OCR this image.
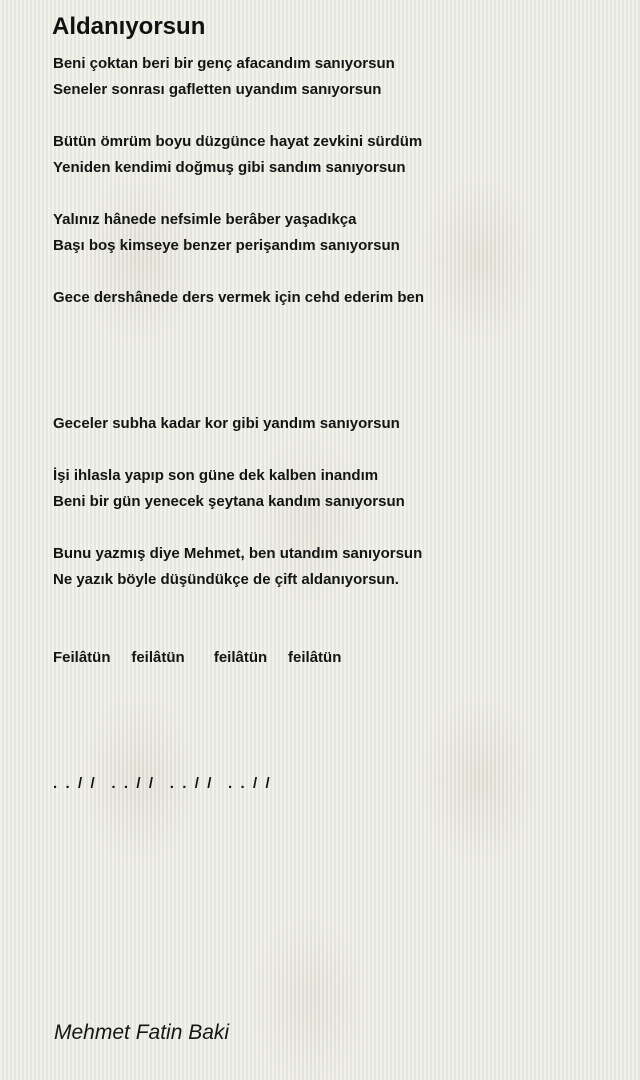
Aldanıyorsun
Beni çoktan beri bir genç afacandım sanıyorsun
Seneler sonrası gafletten uyandım sanıyorsun
Bütün ömrüm boyu düzgünce hayat zevkini sürdüm
Yeniden kendimi doğmuş gibi sandım sanıyorsun
Yalınız hânede nefsimle berâber yaşadıkça
Başı boş kimseye benzer perişandım sanıyorsun
Gece dershânede ders vermek için cehd ederim ben
Geceler subha kadar kor gibi yandım sanıyorsun
İşi ihlasla yapıp son güne dek kalben inandım
Beni bir gün yenecek şeytana kandım sanıyorsun
Bunu yazmış diye Mehmet, ben utandım sanıyorsun
Ne yazık böyle düşündükçe de çift aldanıyorsun.
Feilâtün     feilâtün       feilâtün     feilâtün
.  .  /  /    .  .  /  /    .  .  /  /    .  .  /  /
Mehmet Fatin Baki
